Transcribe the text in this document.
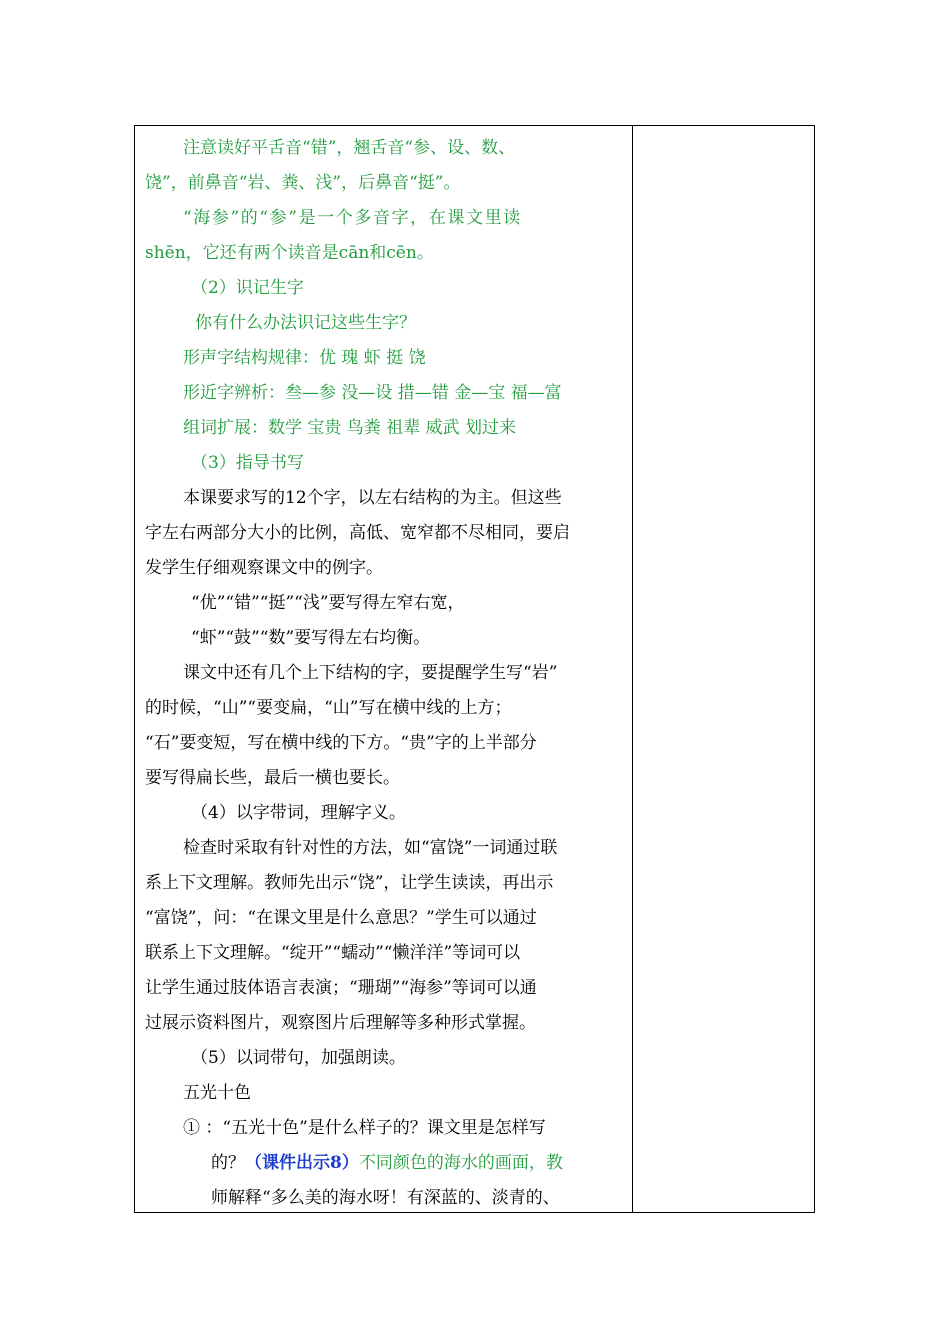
注意读好平舌音“错”，翘舌音“参、设、数、
饶”，前鼻音“岩、粪、浅”，后鼻音“挺”。
“海参”的“参”是一个多音字，在课文里读
shēn，它还有两个读音是cān和cēn。
（2）识记生字
你有什么办法识记这些生字？
形声字结构规律：优 瑰 虾 挺 饶
形近字辨析：叁—参 没—设 措—错 金—宝 福—富
组词扩展：数学 宝贵 鸟粪 祖辈 威武 划过来
（3）指导书写
本课要求写的12个字，以左右结构的为主。但这些
字左右两部分大小的比例，高低、宽窄都不尽相同，要启
发学生仔细观察课文中的例字。
“优”“错”“挺”“浅”要写得左窄右宽，
“虾”“鼓”“数”要写得左右均衡。
课文中还有几个上下结构的字，要提醒学生写“岩”
的时候，“山”“要变扁，“山”写在横中线的上方；
“石”要变短，写在横中线的下方。“贵”字的上半部分
要写得扁长些，最后一横也要长。
（4）以字带词，理解字义。
检查时采取有针对性的方法，如“富饶”一词通过联
系上下文理解。教师先出示“饶”，让学生读读，再出示
“富饶”，问：“在课文里是什么意思？”学生可以通过
联系上下文理解。“绽开”“蠕动”“懒洋洋”等词可以
让学生通过肢体语言表演；“珊瑚”“海参”等词可以通
过展示资料图片，观察图片后理解等多种形式掌握。
（5）以词带句，加强朗读。
五光十色
① ：“五光十色”是什么样子的？课文里是怎样写
的？（课件出示8）不同颜色的海水的画面，教
师解释“多么美的海水呀！有深蓝的、淡青的、
